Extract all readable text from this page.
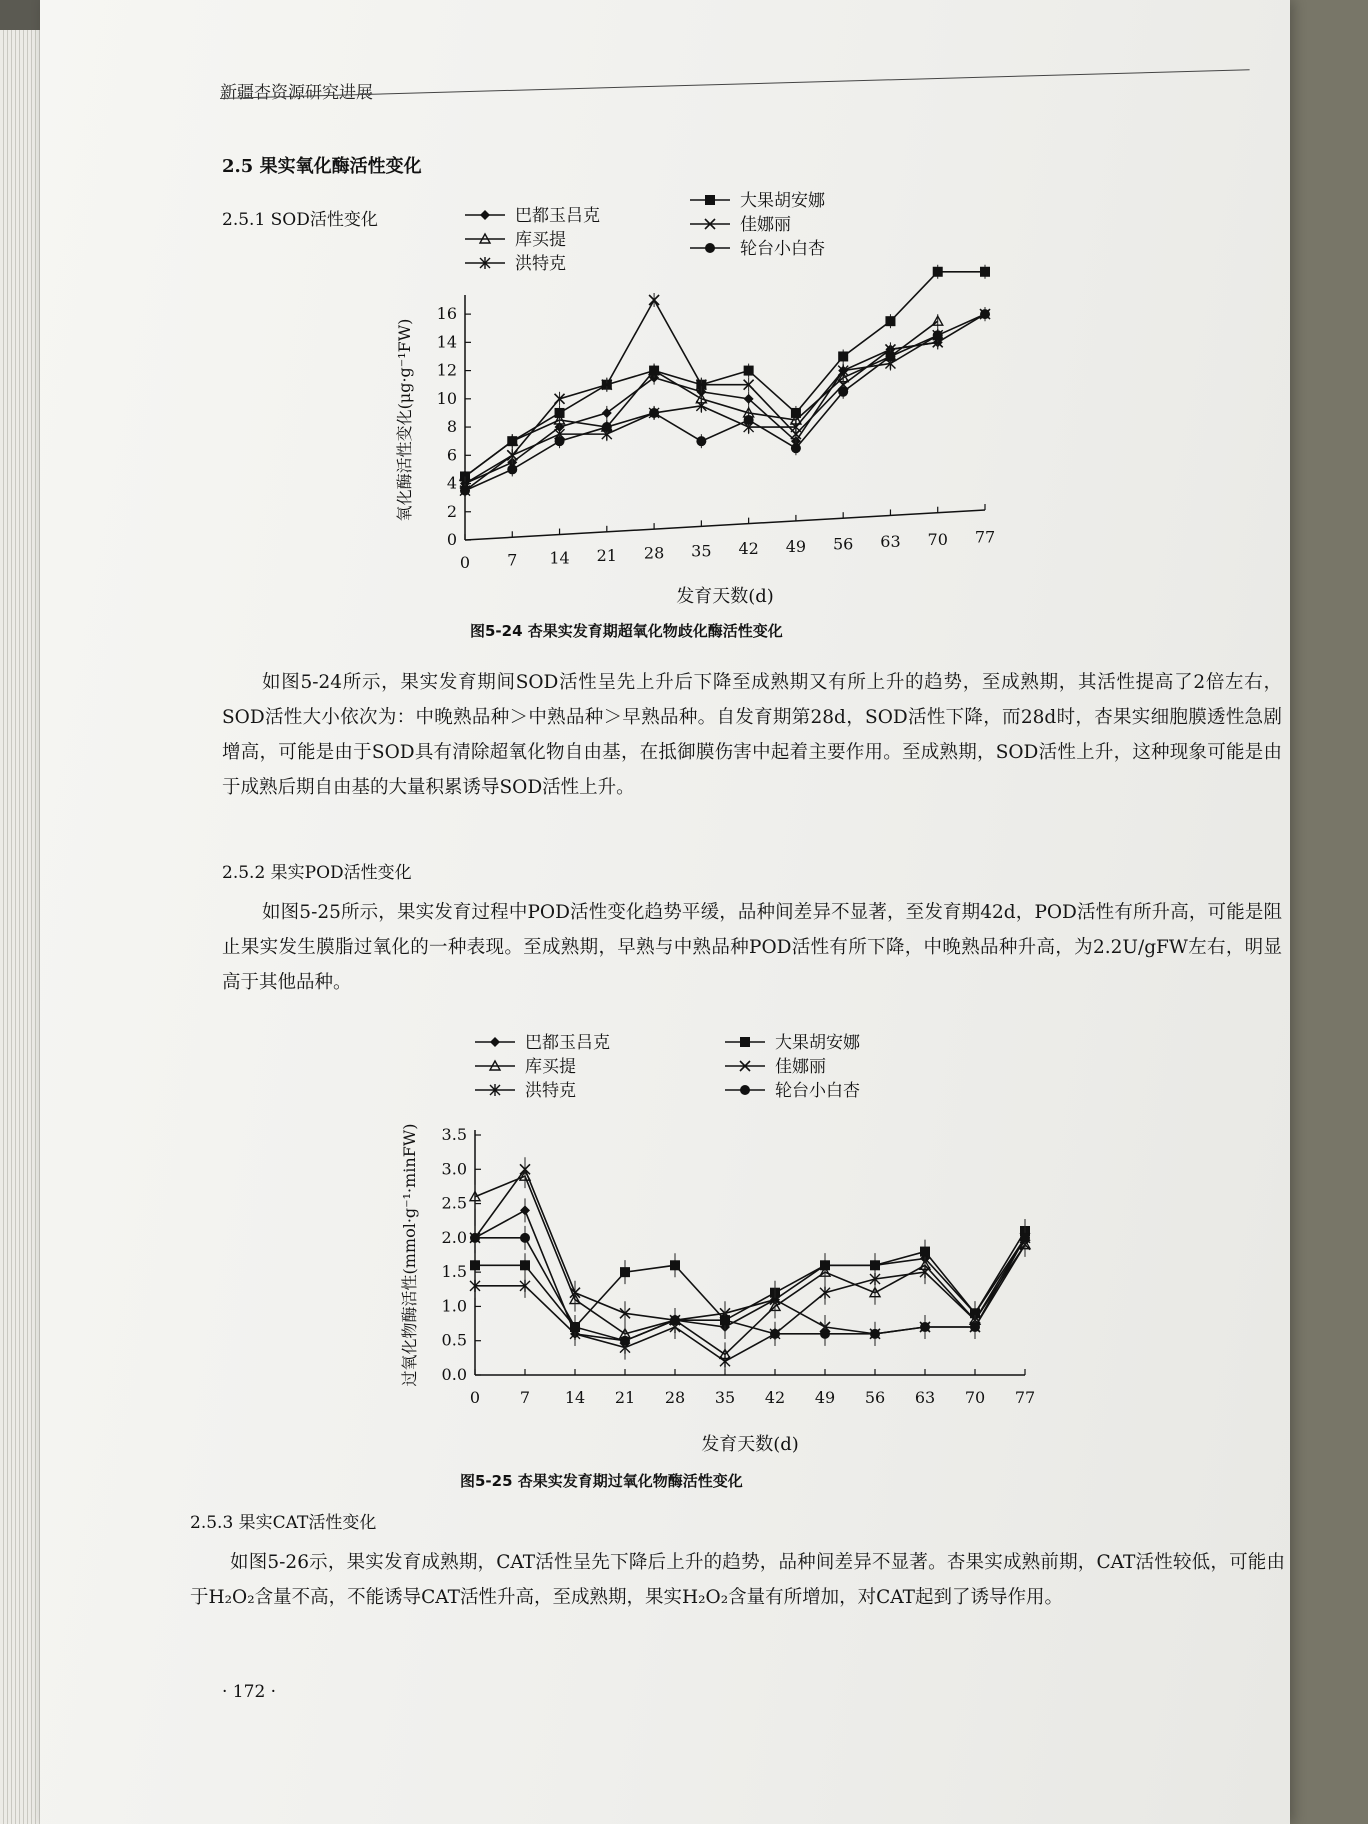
新疆杏资源研究进展
2.5 果实氧化酶活性变化
2.5.1 SOD活性变化	巴都玉吕克
库买提
洪特克
大果胡安娜
佳娜丽
轮台小白杏
0
2
4
6
8
10
12
14
16
0 7 14 21 28 35 42 49 56 63 70 77
发育天数(d)
氧化酶活性变化(μg·g⁻¹FW)
图5-24 杏果实发育期超氧化物歧化酶活性变化
如图5-24所示，果实发育期间SOD活性呈先上升后下降至成熟期又有所上升的趋势，至成熟期，其活性提高了2倍左右，SOD活性大小依次为：中晚熟品种＞中熟品种＞早熟品种。自发育期第28d，SOD活性下降，而28d时，杏果实细胞膜透性急剧增高，可能是由于SOD具有清除超氧化物自由基，在抵御膜伤害中起着主要作用。至成熟期，SOD活性上升，这种现象可能是由于成熟后期自由基的大量积累诱导SOD活性上升。
2.5.2 果实POD活性变化
如图5-25所示，果实发育过程中POD活性变化趋势平缓，品种间差异不显著，至发育期42d，POD活性有所升高，可能是阻止果实发生膜脂过氧化的一种表现。至成熟期，早熟与中熟品种POD活性有所下降，中晚熟品种升高，为2.2U/gFW左右，明显高于其他品种。
巴都玉吕克
库买提
洪特克
大果胡安娜
佳娜丽
轮台小白杏
0.0
0.5
1.0
1.5
2.0
2.5
3.0
3.5
0 7 14 21 28 35 42 49 56 63 70 77
发育天数(d)
过氧化物酶活性(mmol·g⁻¹·minFW)
图5-25 杏果实发育期过氧化物酶活性变化
2.5.3 果实CAT活性变化
如图5-26示，果实发育成熟期，CAT活性呈先下降后上升的趋势，品种间差异不显著。杏果实成熟前期，CAT活性较低，可能由于H₂O₂含量不高，不能诱导CAT活性升高，至成熟期，果实H₂O₂含量有所增加，对CAT起到了诱导作用。
· 172 ·
